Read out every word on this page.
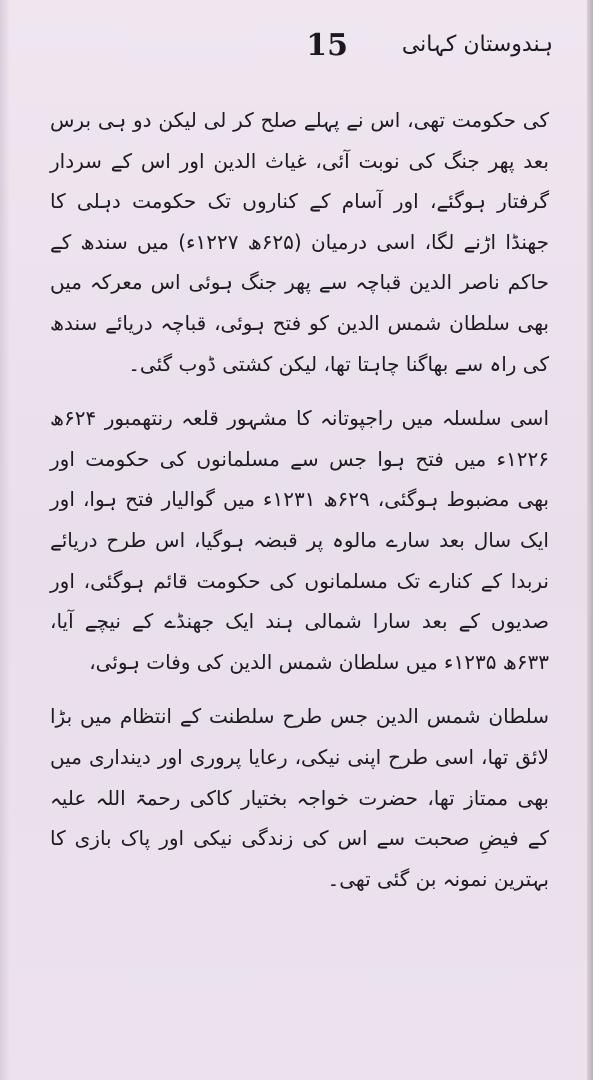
ہندوستان کہانی
15

کی حکومت تھی، اس نے پہلے صلح کر لی لیکن دو ہی برس بعد پھر جنگ کی نوبت آئی، غیاث الدین اور اس کے سردار گرفتار ہوگئے، اور آسام کے کناروں تک حکومت دہلی کا جھنڈا اڑنے لگا، اسی درمیان (۶۲۵ھ ۱۲۲۷ء) میں سندھ کے حاکم ناصر الدین قباچہ سے پھر جنگ ہوئی اس معرکہ میں بھی سلطان شمس الدین کو فتح ہوئی، قباچہ دریائے سندھ کی راہ سے بھاگنا چاہتا تھا، لیکن کشتی ڈوب گئی۔

اسی سلسلہ میں راجپوتانہ کا مشہور قلعہ رنتھمبور ۶۲۴ھ ۱۲۲۶ء میں فتح ہوا جس سے مسلمانوں کی حکومت اور بھی مضبوط ہوگئی، ۶۲۹ھ ۱۲۳۱ء میں گوالیار فتح ہوا، اور ایک سال بعد سارے مالوہ پر قبضہ ہوگیا، اس طرح دریائے نربدا کے کنارے تک مسلمانوں کی حکومت قائم ہوگئی، اور صدیوں کے بعد سارا شمالی ہند ایک جھنڈے کے نیچے آیا، ۶۳۳ھ ۱۲۳۵ء میں سلطان شمس الدین کی وفات ہوئی،

سلطان شمس الدین جس طرح سلطنت کے انتظام میں بڑا لائق تھا، اسی طرح اپنی نیکی، رعایا پروری اور دینداری میں بھی ممتاز تھا، حضرت خواجہ بختیار کاکی رحمۃ اللہ علیہ کے فیضِ صحبت سے اس کی زندگی نیکی اور پاک بازی کا بہترین نمونہ بن گئی تھی۔
